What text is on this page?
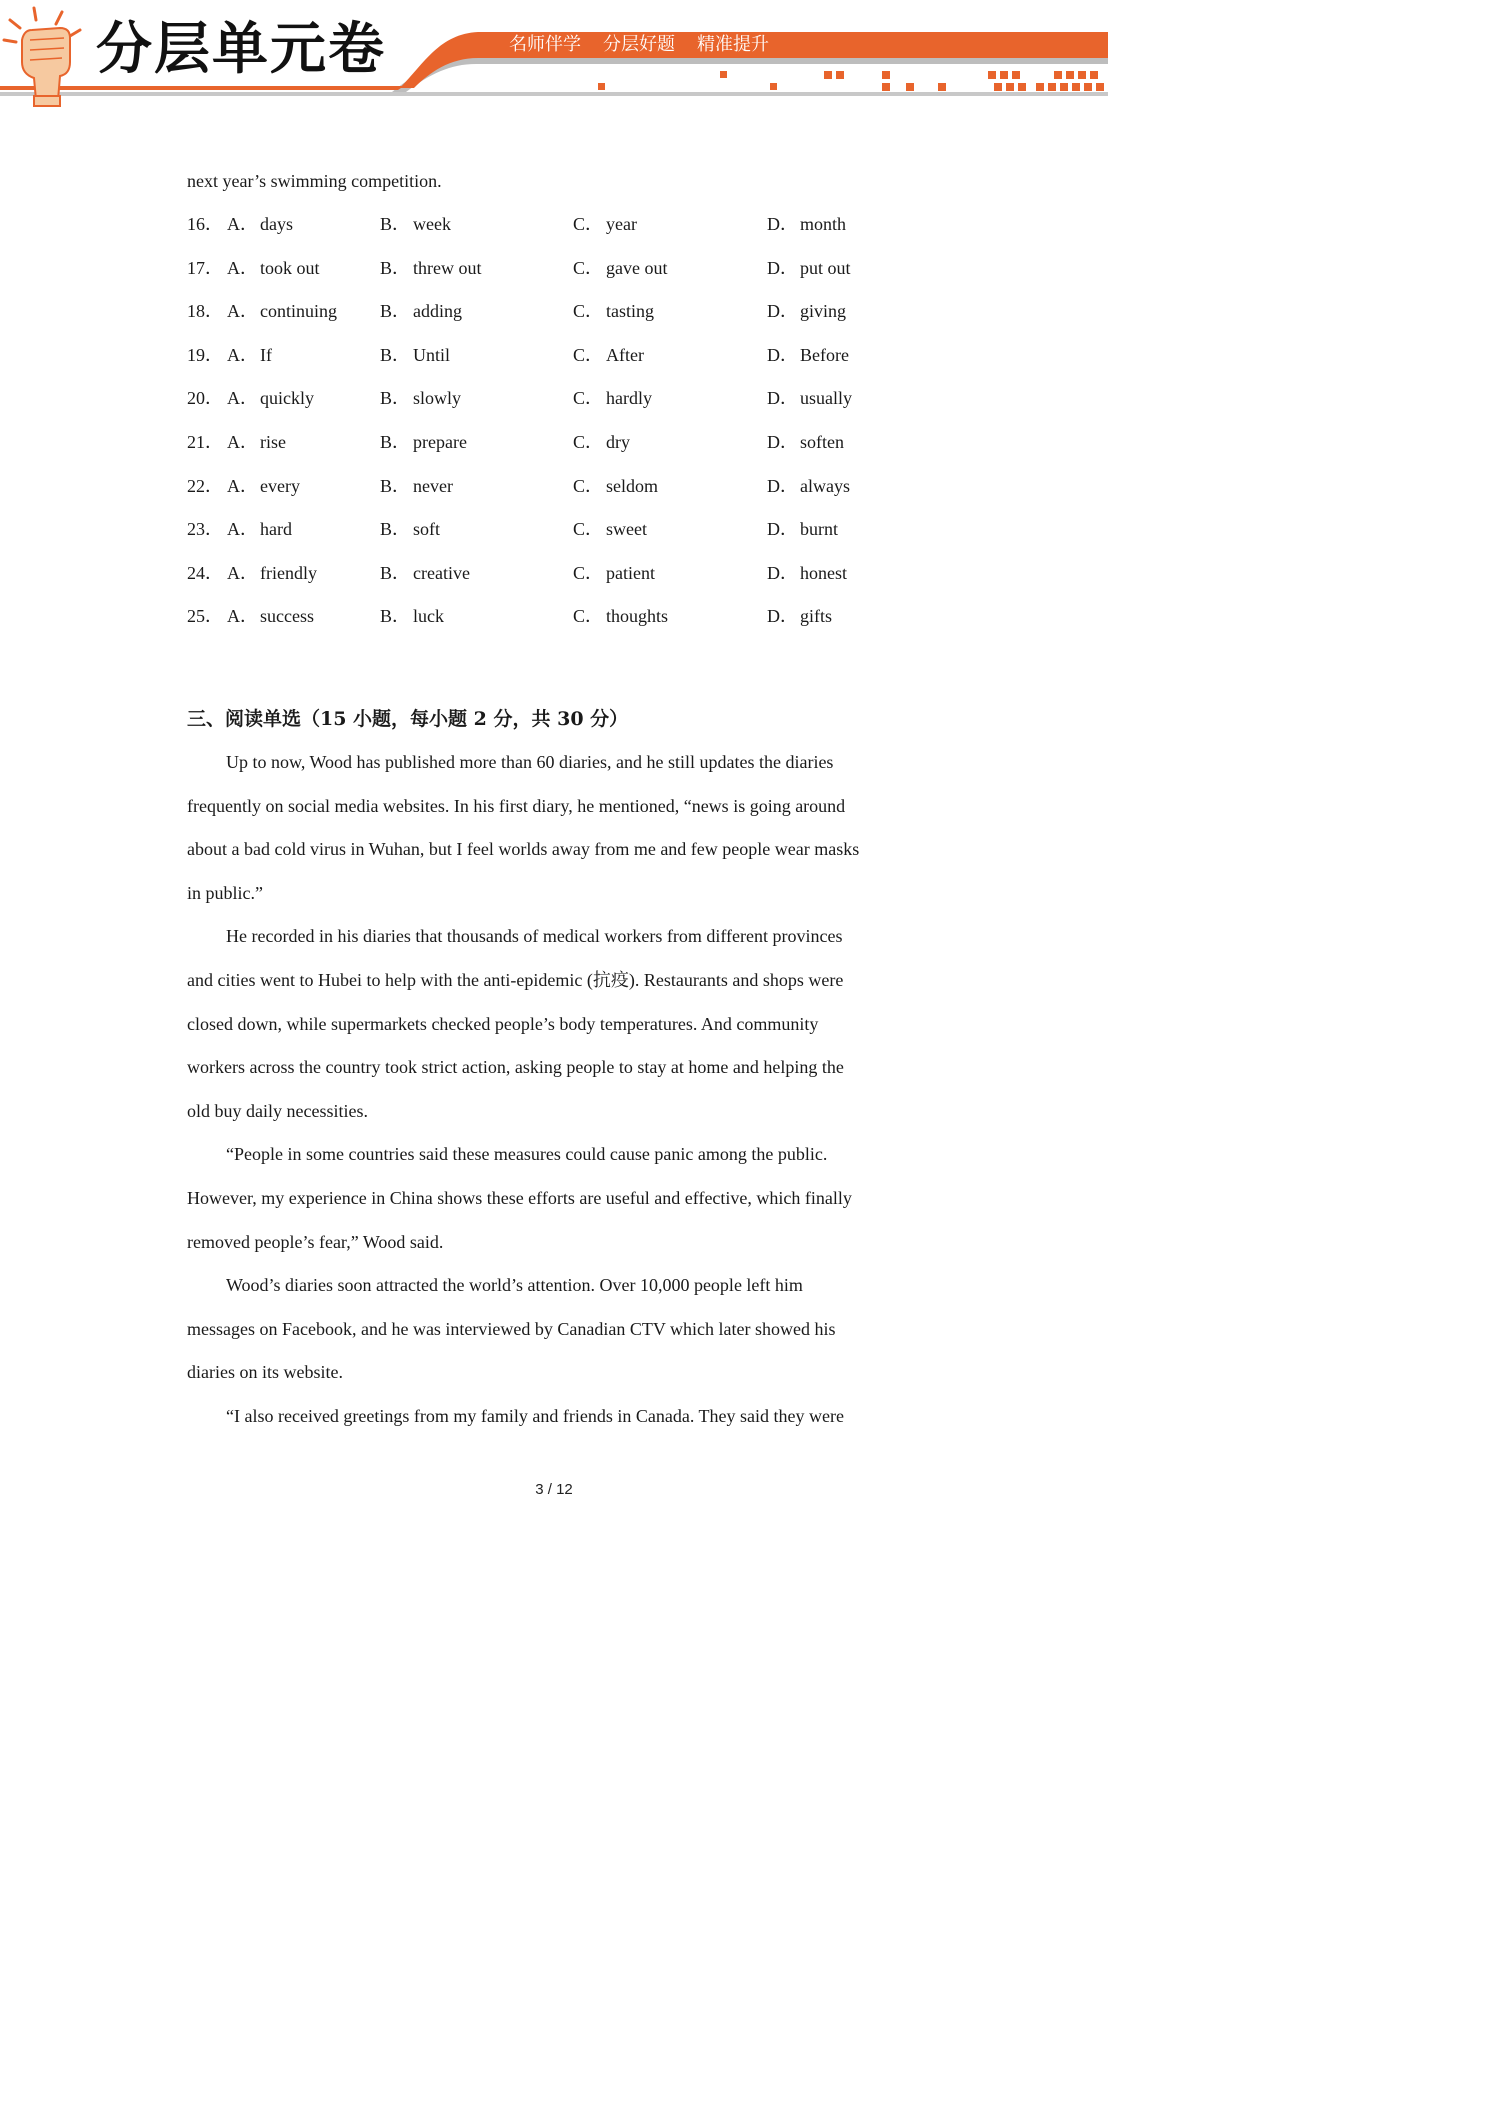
分层单元卷	名师伴学 分层好题 精准提升
next year’s swimming competition.
16． A． days	B． week	C． year	D． month
17． A． took out	B． threw out	C． gave out	D． put out
18． A． continuing B． adding	C． tasting	D． giving
19． A． If	B． Until	C． After	D． Before
20． A． quickly	B． slowly	C． hardly	D． usually
21． A． rise	B． prepare	C． dry	D． soften
22． A． every	B． never	C． seldom	D． always
23． A． hard	B． soft	C． sweet	D． burnt
24． A． friendly	B． creative	C． patient	D． honest
25． A． success	B． luck	C． thoughts	D． gifts
三、阅读单选（15 小题，每小题 2 分，共 30 分）
Up to now, Wood has published more than 60 diaries, and he still updates the diaries
frequently on social media websites. In his first diary, he mentioned, “news is going around
about a bad cold virus in Wuhan, but I feel worlds away from me and few people wear masks
in public.”
He recorded in his diaries that thousands of medical workers from different provinces
and cities went to Hubei to help with the anti-epidemic (抗疫). Restaurants and shops were
closed down, while supermarkets checked people’s body temperatures. And community
workers across the country took strict action, asking people to stay at home and helping the
old buy daily necessities.
“People in some countries said these measures could cause panic among the public.
However, my experience in China shows these efforts are useful and effective, which finally
removed people’s fear,” Wood said.
Wood’s diaries soon attracted the world’s attention. Over 10,000 people left him
messages on Facebook, and he was interviewed by Canadian CTV which later showed his
diaries on its website.
“I also received greetings from my family and friends in Canada. They said they were
3 / 12
